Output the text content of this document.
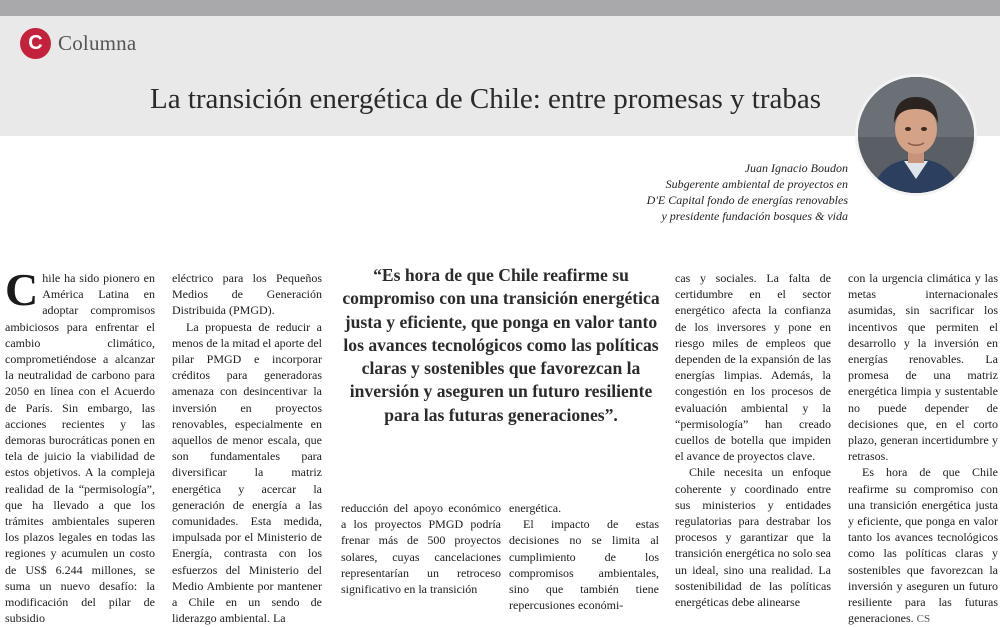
C Columna
La transición energética de Chile: entre promesas y trabas
Juan Ignacio Boudon
Subgerente ambiental de proyectos en
D'E Capital fondo de energías renovables
y presidente fundación bosques & vida
“Es hora de que Chile reafirme su compromiso con una transición energética justa y eficiente, que ponga en valor tanto los avances tecnológicos como las políticas claras y sostenibles que favorezcan la inversión y aseguren un futuro resiliente para las futuras generaciones”.

Chile ha sido pionero en América Latina en adoptar compromisos ambiciosos para enfrentar el cambio climático, comprometiéndose a alcanzar la neutralidad de carbono para 2050 en línea con el Acuerdo de París. Sin embargo, las acciones recientes y las demoras burocráticas ponen en tela de juicio la viabilidad de estos objetivos. A la compleja realidad de la “permisología”, que ha llevado a que los trámites ambientales superen los plazos legales en todas las regiones y acumulen un costo de US$ 6.244 millones, se suma un nuevo desafío: la modificación del pilar de subsidio

eléctrico para los Pequeños Medios de Generación Distribuida (PMGD).

La propuesta de reducir a menos de la mitad el aporte del pilar PMGD e incorporar créditos para generadoras amenaza con desincentivar la inversión en proyectos renovables, especialmente en aquellos de menor escala, que son fundamentales para diversificar la matriz energética y acercar la generación de energía a las comunidades. Esta medida, impulsada por el Ministerio de Energía, contrasta con los esfuerzos del Ministerio del Medio Ambiente por mantener a Chile en un sendo de liderazgo ambiental. La

reducción del apoyo económico a los proyectos PMGD podría frenar más de 500 proyectos solares, cuyas cancelaciones representarían un retroceso significativo en la transición

energética.

El impacto de estas decisiones no se limita al cumplimiento de los compromisos ambientales, sino que también tiene repercusiones económi-

cas y sociales. La falta de certidumbre en el sector energético afecta la confianza de los inversores y pone en riesgo miles de empleos que dependen de la expansión de las energías limpias. Además, la congestión en los procesos de evaluación ambiental y la “permisología” han creado cuellos de botella que impiden el avance de proyectos clave.

Chile necesita un enfoque coherente y coordinado entre sus ministerios y entidades regulatorias para destrabar los procesos y garantizar que la transición energética no solo sea un ideal, sino una realidad. La sostenibilidad de las políticas energéticas debe alinearse

con la urgencia climática y las metas internacionales asumidas, sin sacrificar los incentivos que permiten el desarrollo y la inversión en energías renovables. La promesa de una matriz energética limpia y sustentable no puede depender de decisiones que, en el corto plazo, generan incertidumbre y retrasos.

Es hora de que Chile reafirme su compromiso con una transición energética justa y eficiente, que ponga en valor tanto los avances tecnológicos como las políticas claras y sostenibles que favorezcan la inversión y aseguren un futuro resiliente para las futuras generaciones. CS
